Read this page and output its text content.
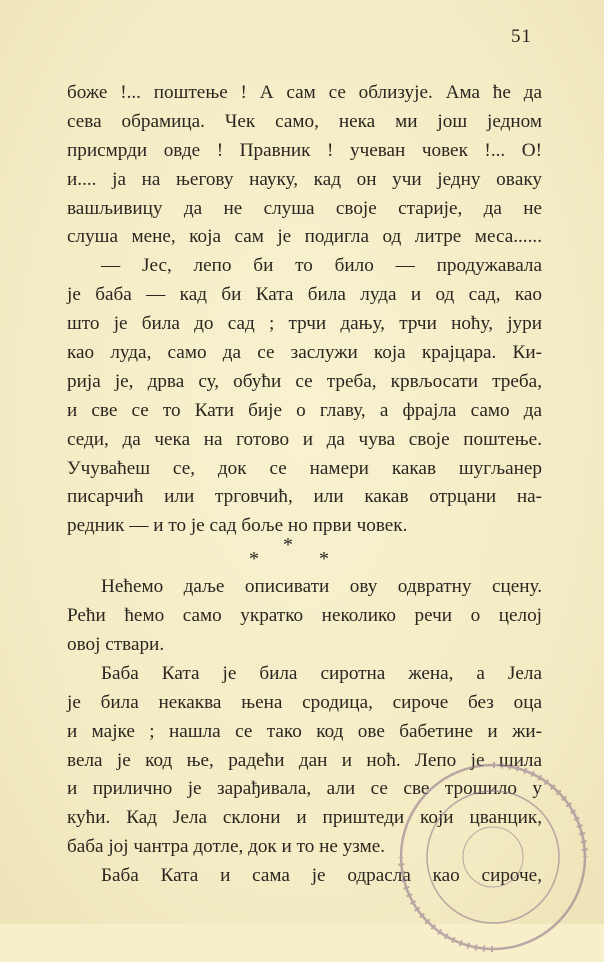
51
боже !... поштење ! А сам се облизује. Ама ће да
сева обрамица. Чек само, нека ми још једном
присмрди овде ! Правник ! учеван човек !... О!
и.... ја на његову науку, кад он учи једну овaку
вашљивицу да не слуша своје старије, да не
слуша мене, која сам је подигла од литре меса......
— Јес, лепо би то било — продужавала
је баба — кад би Ката била луда и од сад, као
што је била до сад ; трчи дању, трчи ноћу, јури
као луда, само да се заслужи која крајцара. Ки-
рија је, дрва су, обући се треба, крвљосати треба,
и све се то Кати бије о главу, а фрајла само да
седи, да чека на готово и да чува своје поштење.
Учуваћеш се, док се намери какав шугљанер
писарчић или трговчић, или какав отрцани на-
редник — и то је сад боље но први човек.
*
*	*
Нећемо даље описивати ову одвратну сцену.
Рећи ћемо само укратко неколико речи о целој
овој ствари.
Баба Ката је била сиротна жена, а Јела
је била некаква њена сродица, сироче без оца
и мајке ; нашла се тако код ове бабетине и жи-
вела је код ње, радећи дан и ноћ. Лепо је шила
и прилично је зарађивала, али се све трошило у
кући. Кад Јела склони и приштеди који цванцик,
баба јој чантра дотле, док и то не узме.
Баба Ката и сама је одрасла као сироче,
